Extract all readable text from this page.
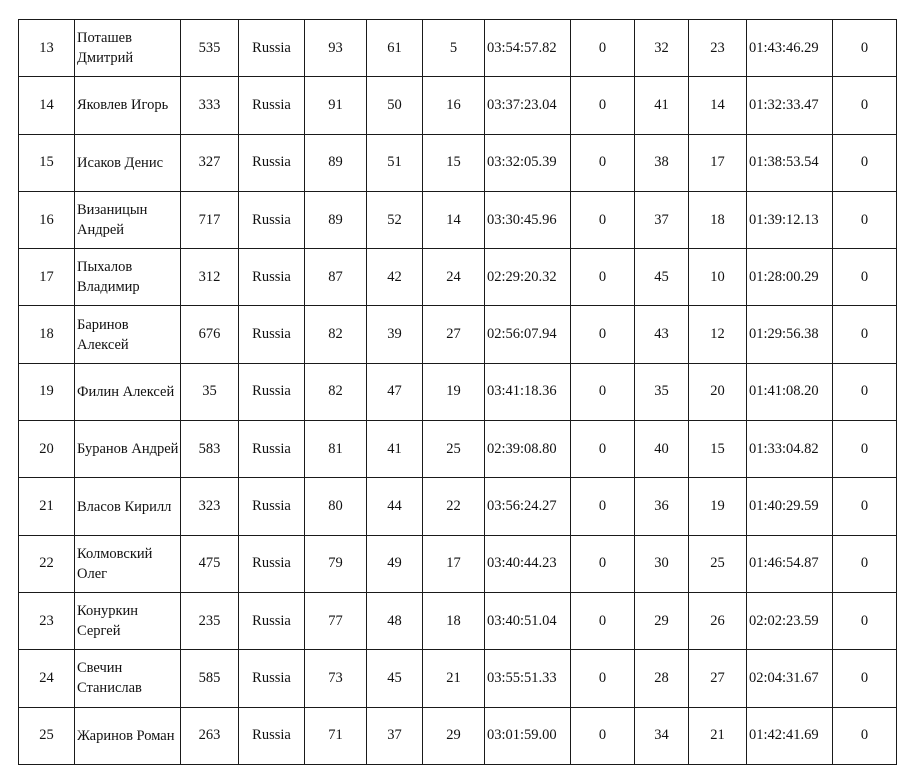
13	Поташев Дмитрий	535	Russia	93	61	5	03:54:57.82	0	32	23	01:43:46.29	0
14	Яковлев Игорь	333	Russia	91	50	16	03:37:23.04	0	41	14	01:32:33.47	0
15	Исаков Денис	327	Russia	89	51	15	03:32:05.39	0	38	17	01:38:53.54	0
16	Визаницын Андрей	717	Russia	89	52	14	03:30:45.96	0	37	18	01:39:12.13	0
17	Пыхалов Владимир	312	Russia	87	42	24	02:29:20.32	0	45	10	01:28:00.29	0
18	Баринов Алексей	676	Russia	82	39	27	02:56:07.94	0	43	12	01:29:56.38	0
19	Филин Алексей	35	Russia	82	47	19	03:41:18.36	0	35	20	01:41:08.20	0
20	Буранов Андрей	583	Russia	81	41	25	02:39:08.80	0	40	15	01:33:04.82	0
21	Власов Кирилл	323	Russia	80	44	22	03:56:24.27	0	36	19	01:40:29.59	0
22	Колмовский Олег	475	Russia	79	49	17	03:40:44.23	0	30	25	01:46:54.87	0
23	Конуркин Сергей	235	Russia	77	48	18	03:40:51.04	0	29	26	02:02:23.59	0
24	Свечин Станислав	585	Russia	73	45	21	03:55:51.33	0	28	27	02:04:31.67	0
25	Жаринов Роман	263	Russia	71	37	29	03:01:59.00	0	34	21	01:42:41.69	0
